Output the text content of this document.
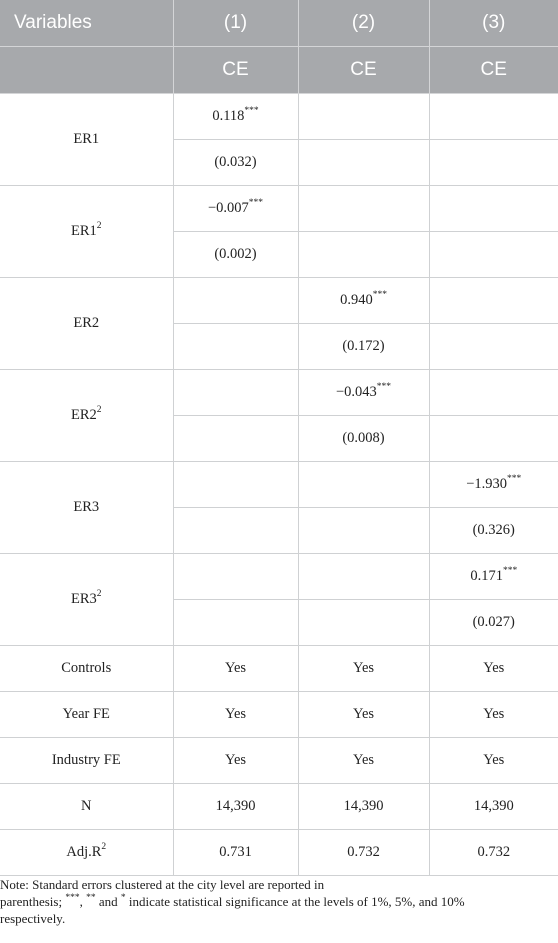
Variables	(1)	(2)	(3)
	CE	CE	CE
ER1	0.118***		
	(0.032)		
$ER1^2$	−0.007***		
	(0.002)		
ER2		0.940***	
		(0.172)	
$ER2^2$		−0.043***	
		(0.008)	
ER3			−1.930***
			(0.326)
$ER3^2$			0.171***
			(0.027)
Controls	Yes	Yes	Yes
Year FE	Yes	Yes	Yes
Industry FE	Yes	Yes	Yes
N	14,390	14,390	14,390
$Adj.R^2$	0.731	0.732	0.732
Note: Standard errors clustered at the city level are reported in
parenthesis; ***, ** and * indicate statistical significance at the levels of 1%, 5%, and 10%
respectively.
